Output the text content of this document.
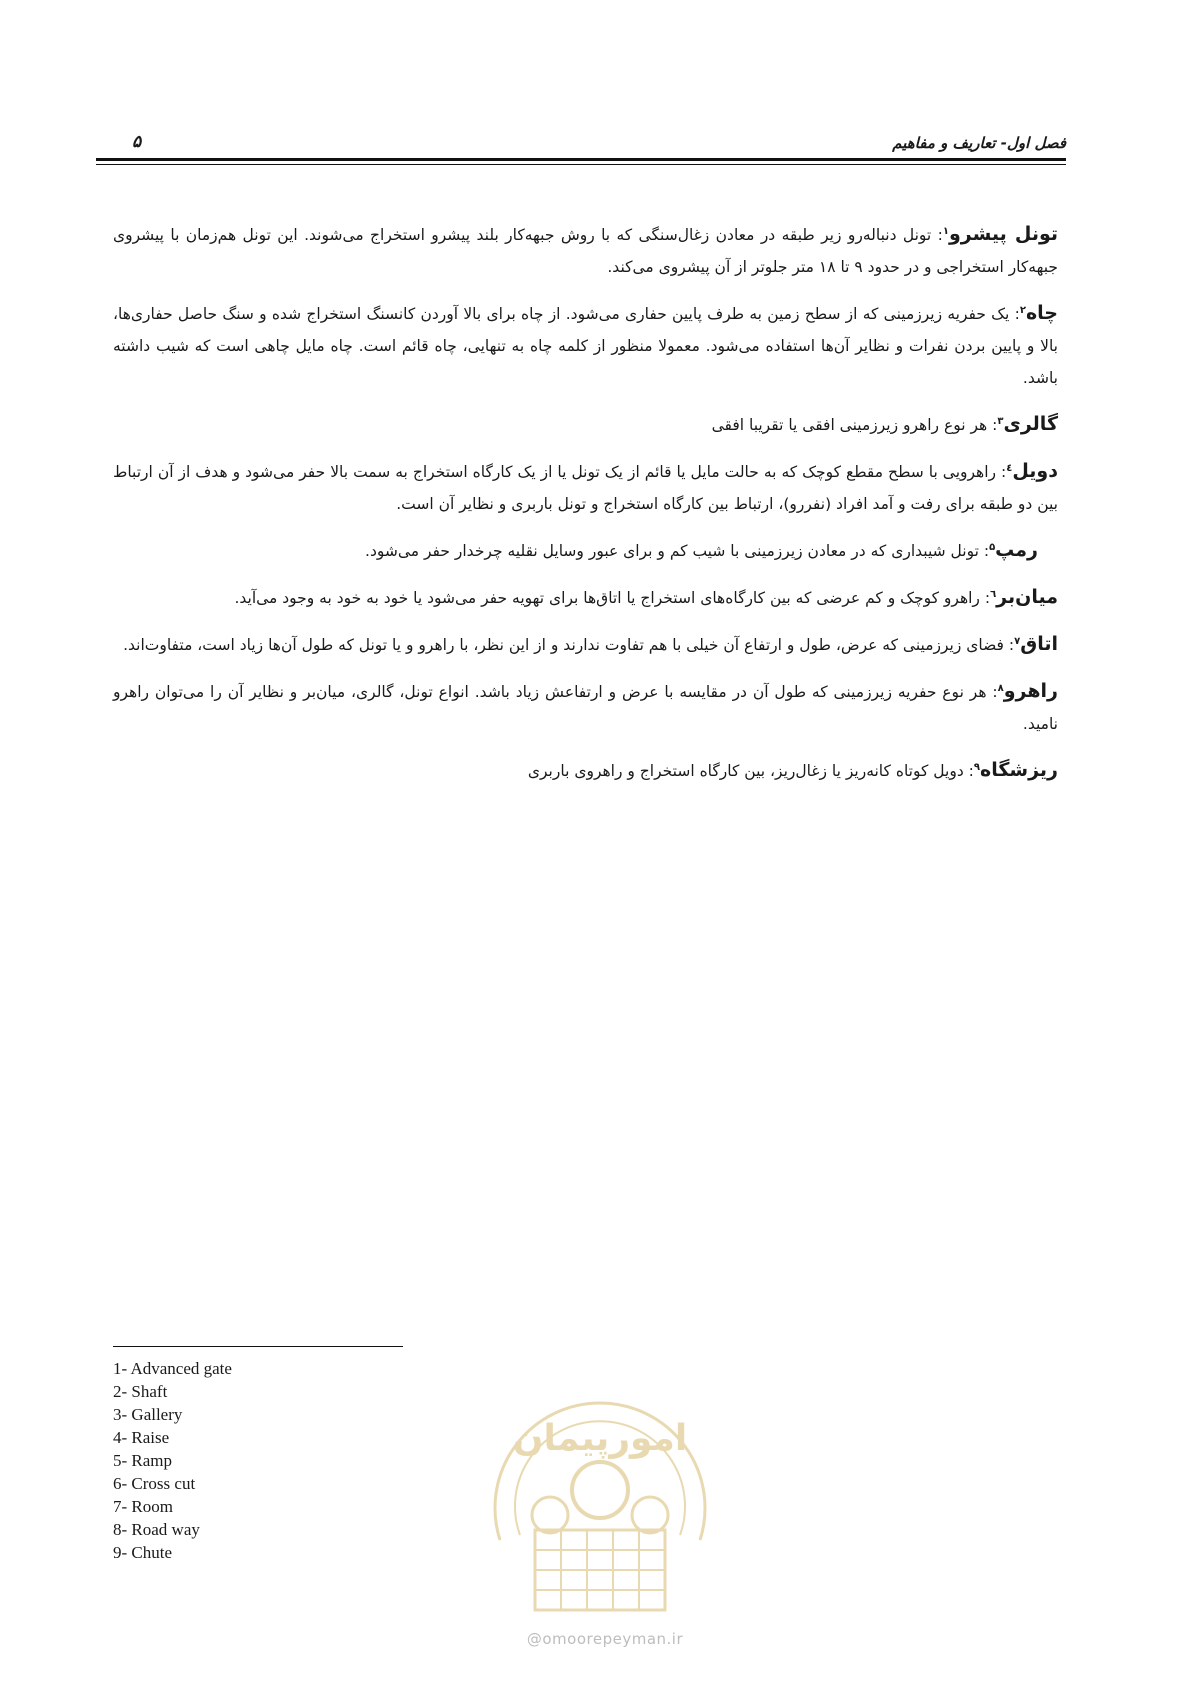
فصل اول- تعاریف و مفاهیم
۵

تونل پیشرو$^۱$: تونل دنباله‌رو زیر طبقه در معادن زغال‌سنگی که با روش جبهه‌کار بلند پیشرو استخراج می‌شوند. این تونل هم‌زمان با پیشروی جبهه‌کار استخراجی و در حدود ۹ تا ۱۸ متر جلوتر از آن پیشروی می‌کند.

چاه$^۲$: یک حفریه زیرزمینی که از سطح زمین به طرف پایین حفاری می‌شود. از چاه برای بالا آوردن کانسنگ استخراج شده و سنگ حاصل حفاری‌ها، بالا و پایین بردن نفرات و نظایر آن‌ها استفاده می‌شود. معمولا منظور از کلمه چاه به تنهایی، چاه قائم است. چاه مایل چاهی است که شیب داشته باشد.

گالری$^۳$: هر نوع راهرو زیرزمینی افقی یا تقریبا افقی

دویل$^٤$: راهرویی با سطح مقطع کوچک که به حالت مایل یا قائم از یک تونل یا از یک کارگاه استخراج به سمت بالا حفر می‌شود و هدف از آن ارتباط بین دو طبقه برای رفت و آمد افراد (نفررو)، ارتباط بین کارگاه استخراج و تونل باربری و نظایر آن است.

رمپ$^۵$: تونل شیبداری که در معادن زیرزمینی با شیب کم و برای عبور وسایل نقلیه چرخدار حفر می‌شود.

میان‌بر$^٦$: راهرو کوچک و کم عرضی که بین کارگاه‌های استخراج یا اتاق‌ها برای تهویه حفر می‌شود یا خود به خود به وجود می‌آید.

اتاق$^۷$: فضای زیرزمینی که عرض، طول و ارتفاع آن خیلی با هم تفاوت ندارند و از این نظر، با راهرو و یا تونل که طول آن‌ها زیاد است، متفاوت‌اند.

راهرو$^۸$: هر نوع حفریه زیرزمینی که طول آن در مقایسه با عرض و ارتفاعش زیاد باشد. انواع تونل، گالری، میان‌بر و نظایر آن را می‌توان راهرو نامید.

ریزشگاه$^۹$: دویل کوتاه کانه‌ریز یا زغال‌ریز، بین کارگاه استخراج و راهروی باربری

1- Advanced gate
2- Shaft
3- Gallery
4- Raise
5- Ramp
6- Cross cut
7- Room
8- Road way
9- Chute
امورپیمان
@omoorepeyman.ir
